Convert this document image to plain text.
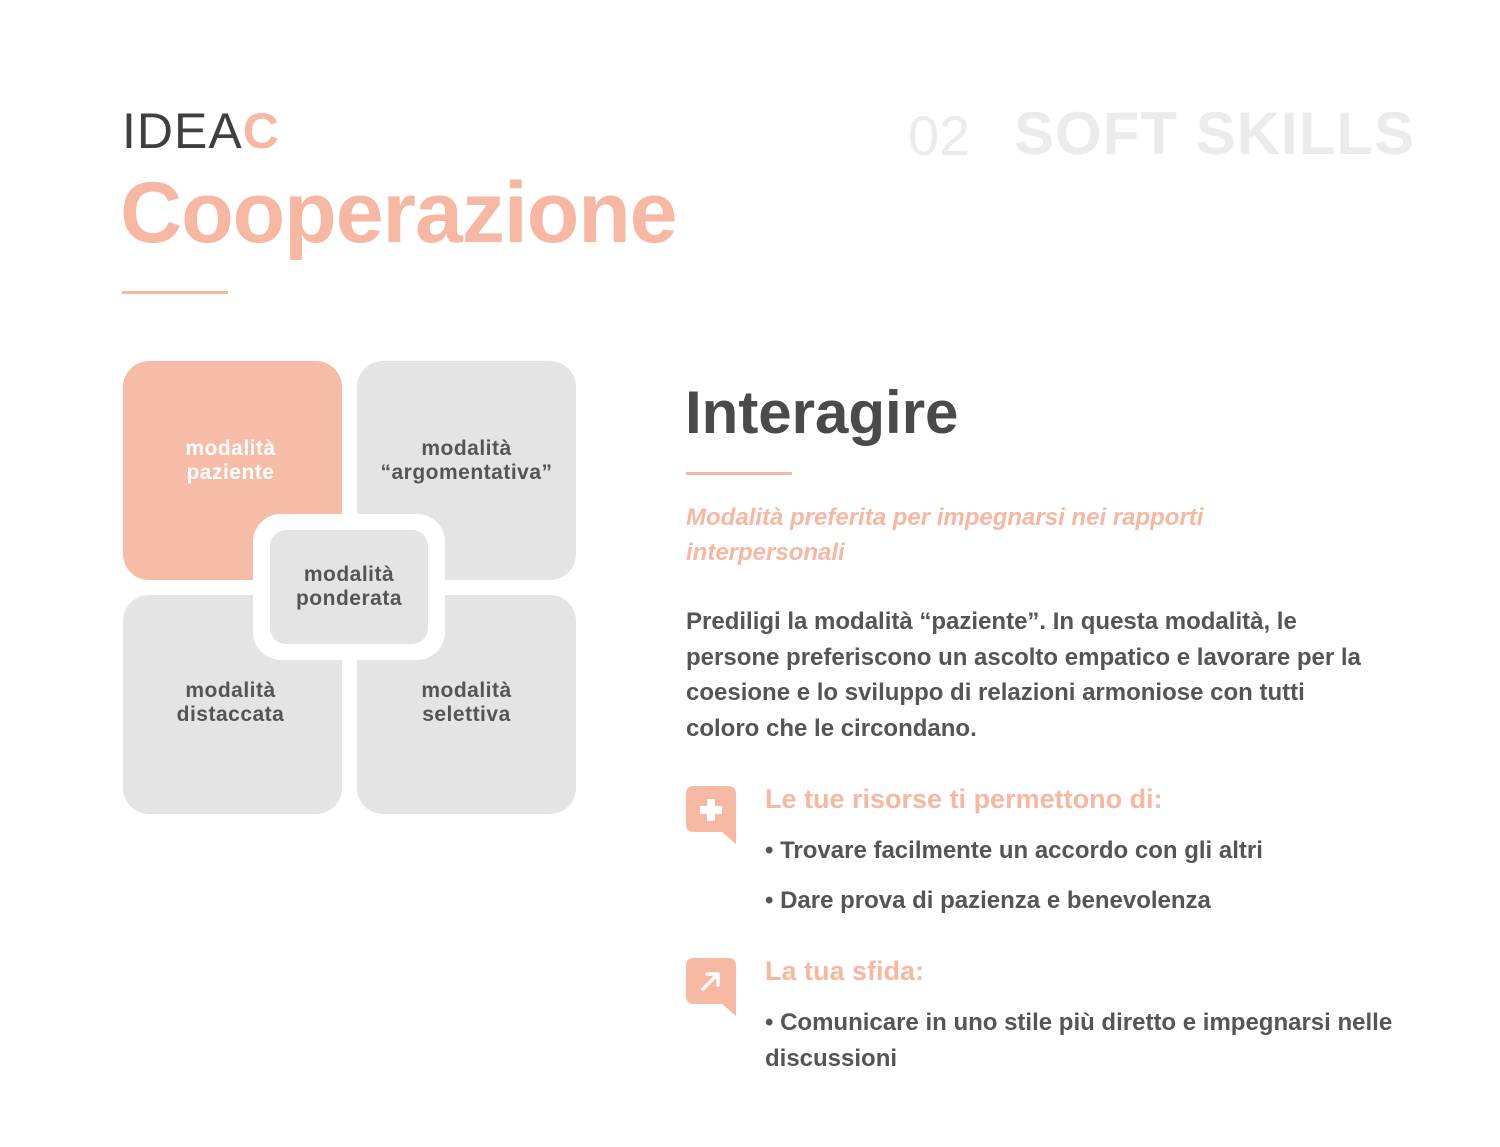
IDEAC	02 SOFT SKILLS
Cooperazione
modalità
paziente
modalità
“argomentativa”
modalità
distaccata
modalità
selettiva
modalità
ponderata
Interagire
Modalità preferita per impegnarsi nei rapporti interpersonali
Prediligi la modalità “paziente”. In questa modalità, le persone preferiscono un ascolto empatico e lavorare per la coesione e lo sviluppo di relazioni armoniose con tutti coloro che le circondano.
Le tue risorse ti permettono di:
• Trovare facilmente un accordo con gli altri
• Dare prova di pazienza e benevolenza
La tua sfida:
• Comunicare in uno stile più diretto e impegnarsi nelle discussioni
